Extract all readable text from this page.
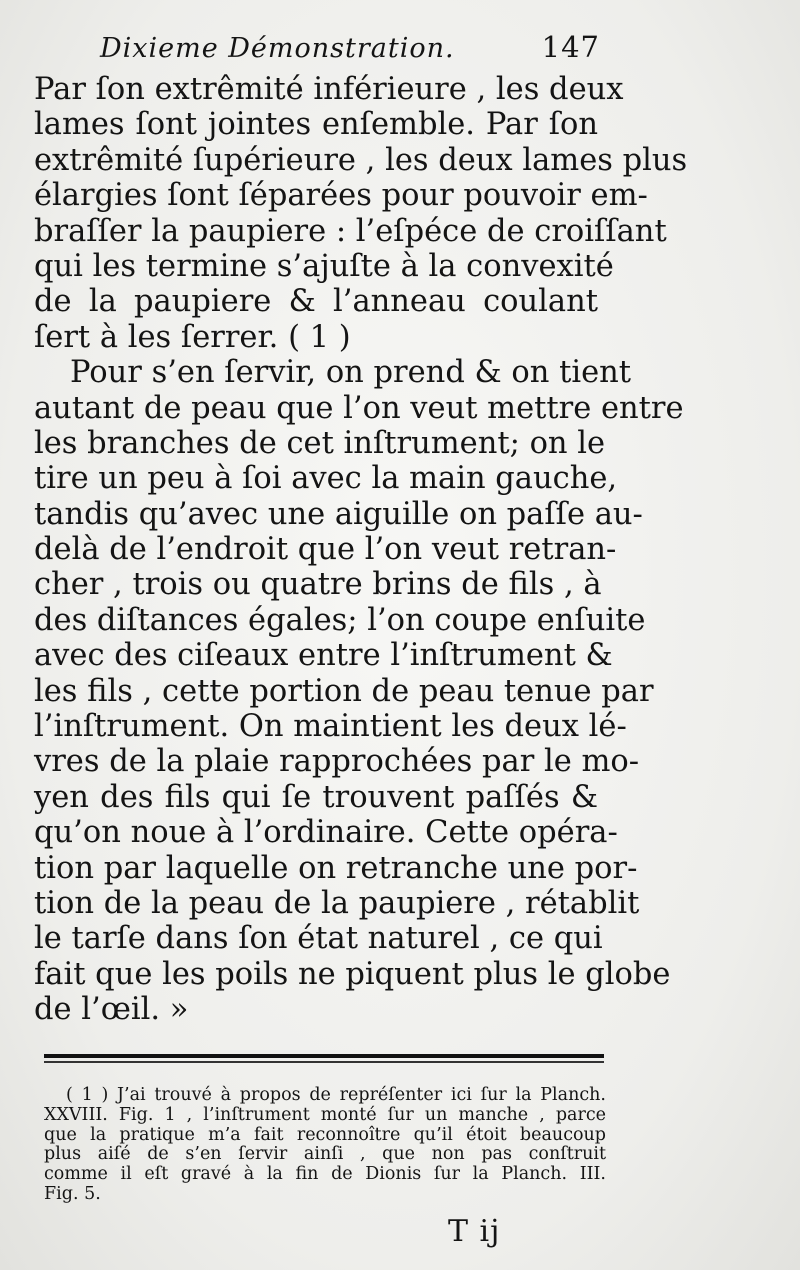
Dixieme Démonstration.	147
Par ſon extrêmité inférieure , les deux
lames ſont jointes enſemble. Par ſon
extrêmité ſupérieure , les deux lames plus
élargies ſont ſéparées pour pouvoir em-
braſſer la paupiere : l’eſpéce de croiſſant
qui les termine s’ajuſte à la convexité
de la paupiere & l’anneau coulant
ſert à les ſerrer. ( 1 )
Pour s’en ſervir, on prend & on tient
autant de peau que l’on veut mettre entre
les branches de cet inſtrument; on le
tire un peu à ſoi avec la main gauche,
tandis qu’avec une aiguille on paſſe au-
delà de l’endroit que l’on veut retran-
cher , trois ou quatre brins de fils , à
des diſtances égales; l’on coupe enſuite
avec des ciſeaux entre l’inſtrument &
les fils , cette portion de peau tenue par
l’inſtrument. On maintient les deux lé-
vres de la plaie rapprochées par le mo-
yen des fils qui ſe trouvent paſſés &
qu’on noue à l’ordinaire. Cette opéra-
tion par laquelle on retranche une por-
tion de la peau de la paupiere , rétablit
le tarſe dans ſon état naturel , ce qui
fait que les poils ne piquent plus le globe
de l’œil. »
( 1 ) J’ai trouvé à propos de repréſenter ici ſur la Planch.
XXVIII. Fig. 1 , l’inſtrument monté ſur un manche , parce
que la pratique m’a fait reconnoître qu’il étoit beaucoup
plus aiſé de s’en ſervir ainſi , que non pas conſtruit
comme il eſt gravé à la fin de Dionis ſur la Planch. III.
Fig. 5.
T ij
